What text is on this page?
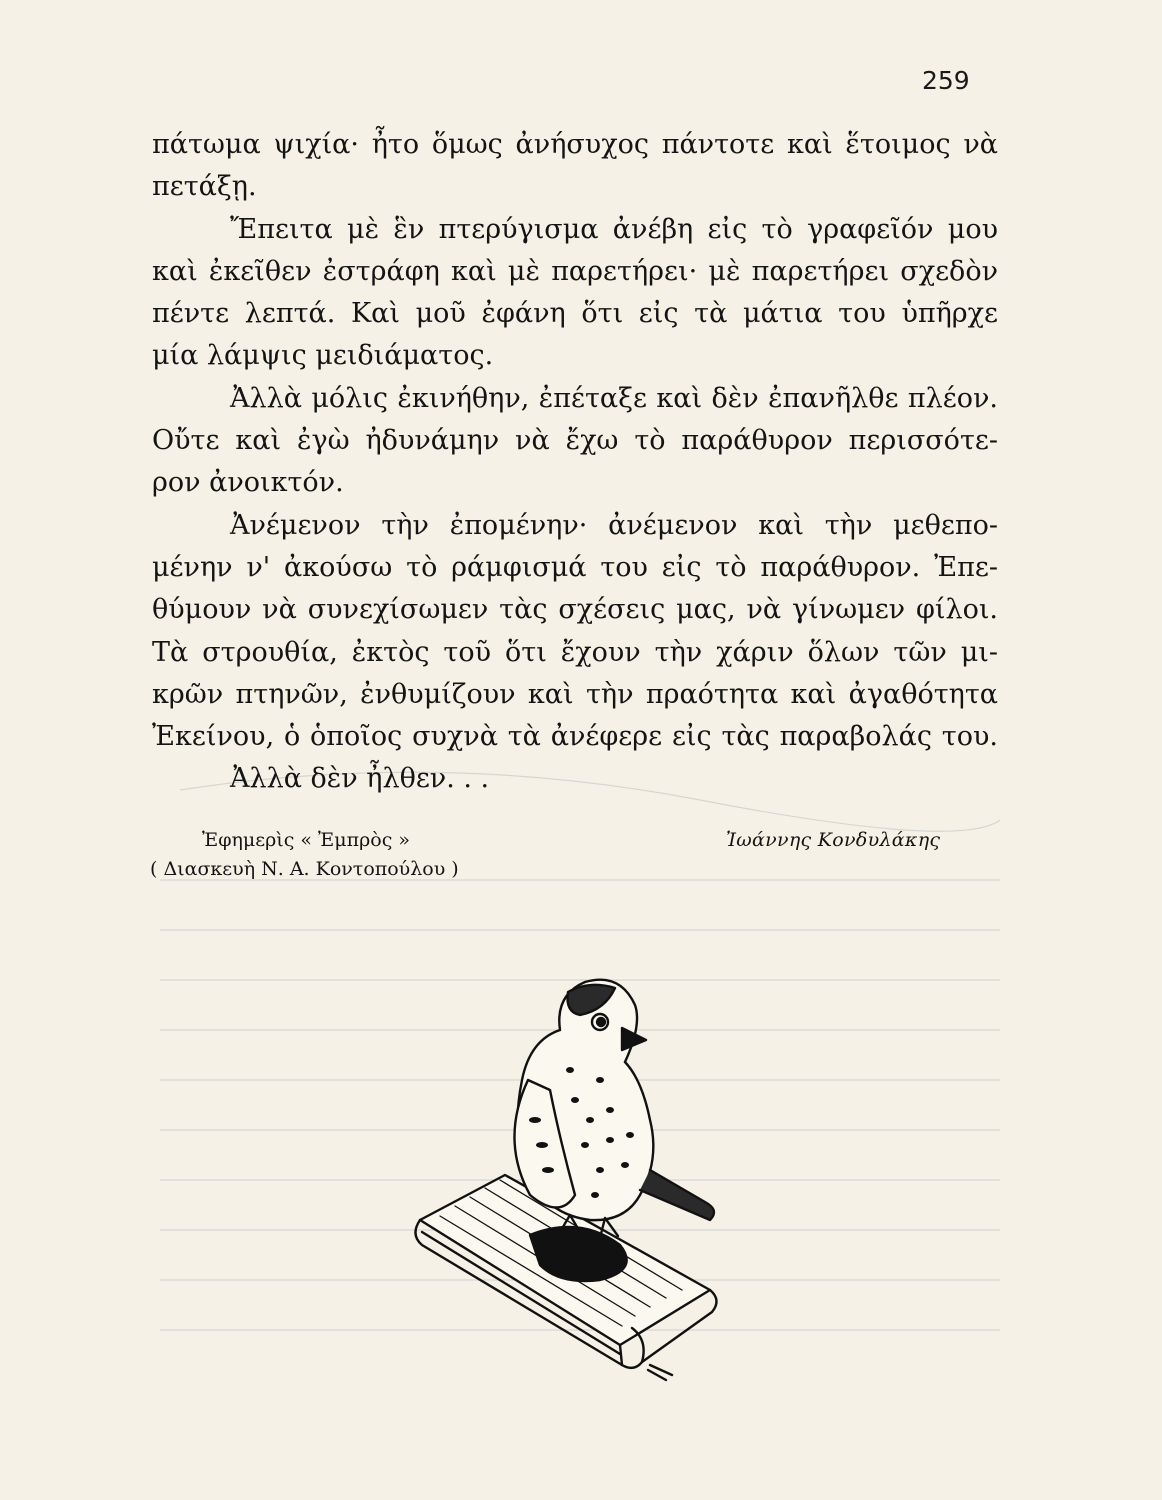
259
πάτωμα ψιχία· ἦτο ὅμως ἀνήσυχος πάντοτε καὶ ἕτοιμος νὰ
πετάξῃ.
Ἔπειτα μὲ ἓν πτερύγισμα ἀνέβη εἰς τὸ γραφεῖόν μου
καὶ ἐκεῖθεν ἐστράφη καὶ μὲ παρετήρει· μὲ παρετήρει σχεδὸν
πέντε λεπτά. Καὶ μοῦ ἐφάνη ὅτι εἰς τὰ μάτια του ὑπῆρχε
μία λάμψις μειδιάματος.
Ἀλλὰ μόλις ἐκινήθην, ἐπέταξε καὶ δὲν ἐπανῆλθε πλέον.
Οὔτε καὶ ἐγὼ ἠδυνάμην νὰ ἔχω τὸ παράθυρον περισσότε-
ρον ἀνοικτόν.
Ἀνέμενον τὴν ἐπομένην· ἀνέμενον καὶ τὴν μεθεπο-
μένην ν' ἀκούσω τὸ ράμφισμά του εἰς τὸ παράθυρον. Ἐπε-
θύμουν νὰ συνεχίσωμεν τὰς σχέσεις μας, νὰ γίνωμεν φίλοι.
Τὰ στρουθία, ἐκτὸς τοῦ ὅτι ἔχουν τὴν χάριν ὅλων τῶν μι-
κρῶν πτηνῶν, ἐνθυμίζουν καὶ τὴν πραότητα καὶ ἀγαθότητα
Ἐκείνου, ὁ ὁποῖος συχνὰ τὰ ἀνέφερε εἰς τὰς παραβολάς του.
Ἀλλὰ δὲν ἦλθεν. . .
Ἐφημερὶς « Ἐμπρὸς »
( Διασκευὴ Ν. Α. Κοντοπούλου )
Ἰωάννης Κονδυλάκης
